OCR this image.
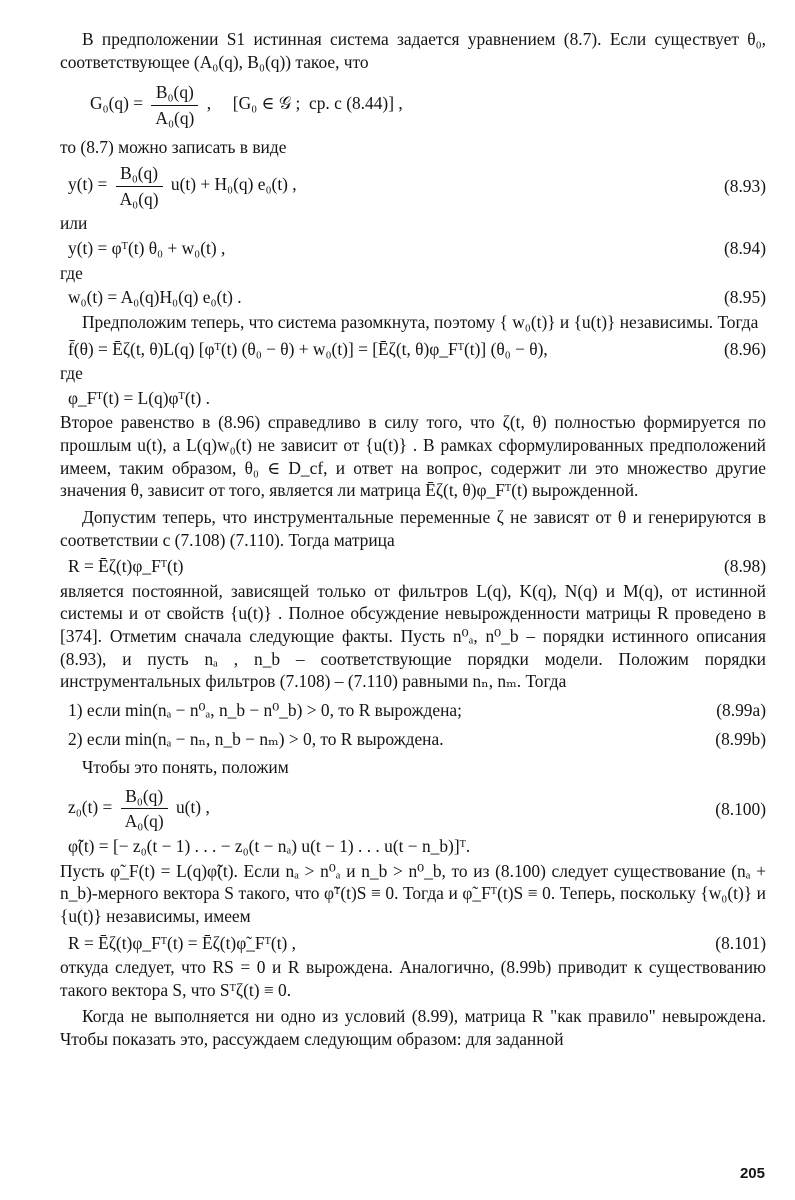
В предположении S1 истинная система задается уравнением (8.7). Если существует θ₀, соответствующее (A₀(q), B₀(q)) такое, что

$G_0(q) = \frac{\text{B₀(q)}}{\text{A₀(q)}}$ ,     [G₀ ∈ 𝒢 ;  ср. с (8.44)] ,

то (8.7) можно записать в виде

$y(t) = \frac{\text{B₀(q)}}{\text{A₀(q)}} u(t) + H_0(q)$ e₀(t) ,	(8.93)

или

y(t) = φᵀ(t) θ₀ + w₀(t) ,	(8.94)

где

w₀(t) = A₀(q)H₀(q) e₀(t) .	(8.95)

Предположим теперь, что система разомкнута, поэтому { w₀(t)} и {u(t)} независимы. Тогда

f̄(θ) = Ēζ(t, θ)L(q) [φᵀ(t) (θ₀ − θ) + w₀(t)] = [Ēζ(t, θ)φ_Fᵀ(t)] (θ₀ − θ),	(8.96)

где

φ_Fᵀ(t) = L(q)φᵀ(t) .

Второе равенство в (8.96) справедливо в силу того, что ζ(t, θ) полностью формируется по прошлым u(t), а L(q)w₀(t) не зависит от {u(t)} . В рамках сформулированных предположений имеем, таким образом, θ₀ ∈ D_cf, и ответ на вопрос, содержит ли это множество другие значения θ, зависит от того, является ли матрица Ēζ(t, θ)φ_Fᵀ(t) вырожденной.

Допустим теперь, что инструментальные переменные ζ не зависят от θ и генерируются в соответствии с (7.108) (7.110). Тогда матрица

R = Ēζ(t)φ_Fᵀ(t)	(8.98)

является постоянной, зависящей только от фильтров L(q), K(q), N(q) и M(q), от истинной системы и от свойств {u(t)} . Полное обсуждение невырожденности матрицы R проведено в [374]. Отметим сначала следующие факты. Пусть n⁰ₐ, n⁰_b – порядки истинного описания (8.93), и пусть nₐ , n_b – соответствующие порядки модели. Положим порядки инструментальных фильтров (7.108) – (7.110) равными nₙ, nₘ. Тогда

1) если min(nₐ − n⁰ₐ, n_b − n⁰_b) > 0, то R вырождена;	(8.99a)
2) если min(nₐ − nₙ, n_b − nₘ) > 0, то R вырождена.	(8.99b)

Чтобы это понять, положим

$z_0(t) = \frac{\text{B₀(q)}}{\text{A₀(q)}} u(t)$ ,	(8.100)
φ̃(t) = [− z₀(t − 1) . . . − z₀(t − nₐ) u(t − 1) . . . u(t − n_b)]ᵀ.

Пусть φ̃_F(t) = L(q)φ̃(t). Если nₐ > n⁰ₐ и n_b > n⁰_b, то из (8.100) следует существование (nₐ + n_b)-мерного вектора S такого, что φ̃ᵀ(t)S ≡ 0. Тогда и φ̃_Fᵀ(t)S ≡ 0. Теперь, поскольку {w₀(t)} и {u(t)} независимы, имеем

R = Ēζ(t)φ_Fᵀ(t) = Ēζ(t)φ̃_Fᵀ(t) ,	(8.101)

откуда следует, что RS = 0 и R вырождена. Аналогично, (8.99b) приводит к существованию такого вектора S, что Sᵀζ(t) ≡ 0.

Когда не выполняется ни одно из условий (8.99), матрица R "как правило" невырождена. Чтобы показать это, рассуждаем следующим образом: для заданной

205
